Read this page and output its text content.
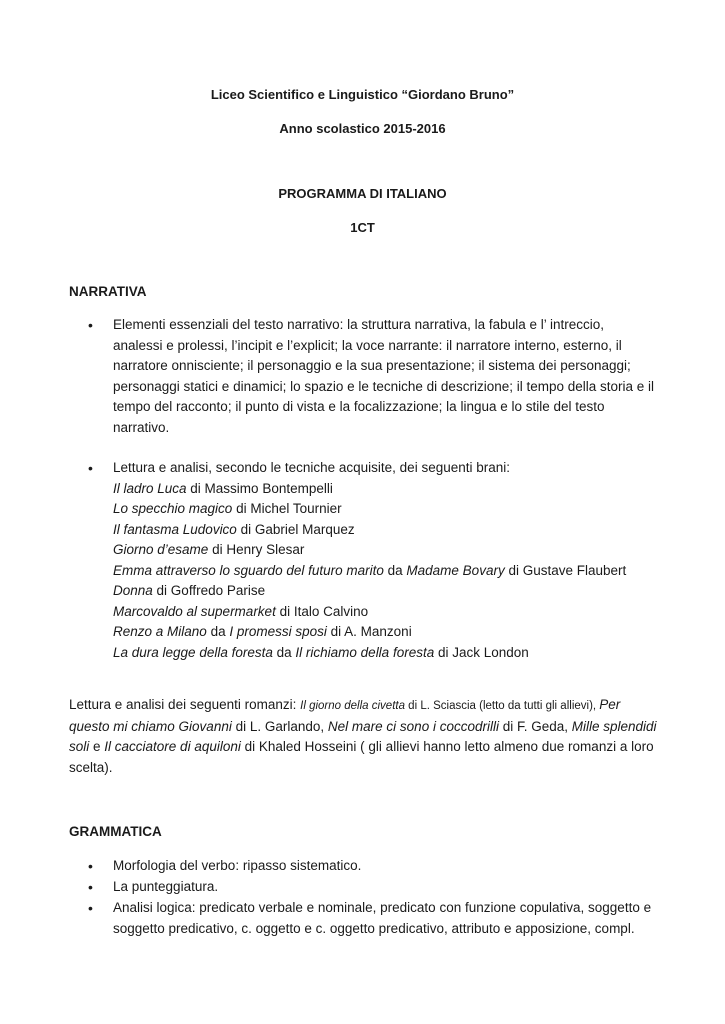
Liceo Scientifico e Linguistico “Giordano Bruno”
Anno scolastico 2015-2016
PROGRAMMA DI ITALIANO
1CT
NARRATIVA
• Elementi essenziali del testo narrativo: la struttura narrativa, la fabula e l’ intreccio,
analessi e prolessi, l’incipit e l’explicit; la voce narrante: il narratore interno, esterno, il
narratore onnisciente; il personaggio e la sua presentazione; il sistema dei personaggi;
personaggi statici e dinamici; lo spazio e le tecniche di descrizione; il tempo della storia e il
tempo del racconto; il punto di vista e la focalizzazione; la lingua e lo stile del testo
narrativo.
• Lettura e analisi, secondo le tecniche acquisite, dei seguenti brani:
Il ladro Luca di Massimo Bontempelli
Lo specchio magico di Michel Tournier
Il fantasma Ludovico di Gabriel Marquez
Giorno d’esame di Henry Slesar
Emma attraverso lo sguardo del futuro marito da Madame Bovary di Gustave Flaubert
Donna di Goffredo Parise
Marcovaldo al supermarket di Italo Calvino
Renzo a Milano da I promessi sposi di A. Manzoni
La dura legge della foresta da Il richiamo della foresta di Jack London
Lettura e analisi dei seguenti romanzi: Il giorno della civetta di L. Sciascia (letto da tutti gli allievi), Per
questo mi chiamo Giovanni di L. Garlando, Nel mare ci sono i coccodrilli di F. Geda, Mille splendidi
soli e Il cacciatore di aquiloni di Khaled Hosseini ( gli allievi hanno letto almeno due romanzi a loro
scelta).
GRAMMATICA
• Morfologia del verbo: ripasso sistematico.
• La punteggiatura.
• Analisi logica: predicato verbale e nominale, predicato con funzione copulativa, soggetto e
soggetto predicativo, c. oggetto e c. oggetto predicativo, attributo e apposizione, compl.
